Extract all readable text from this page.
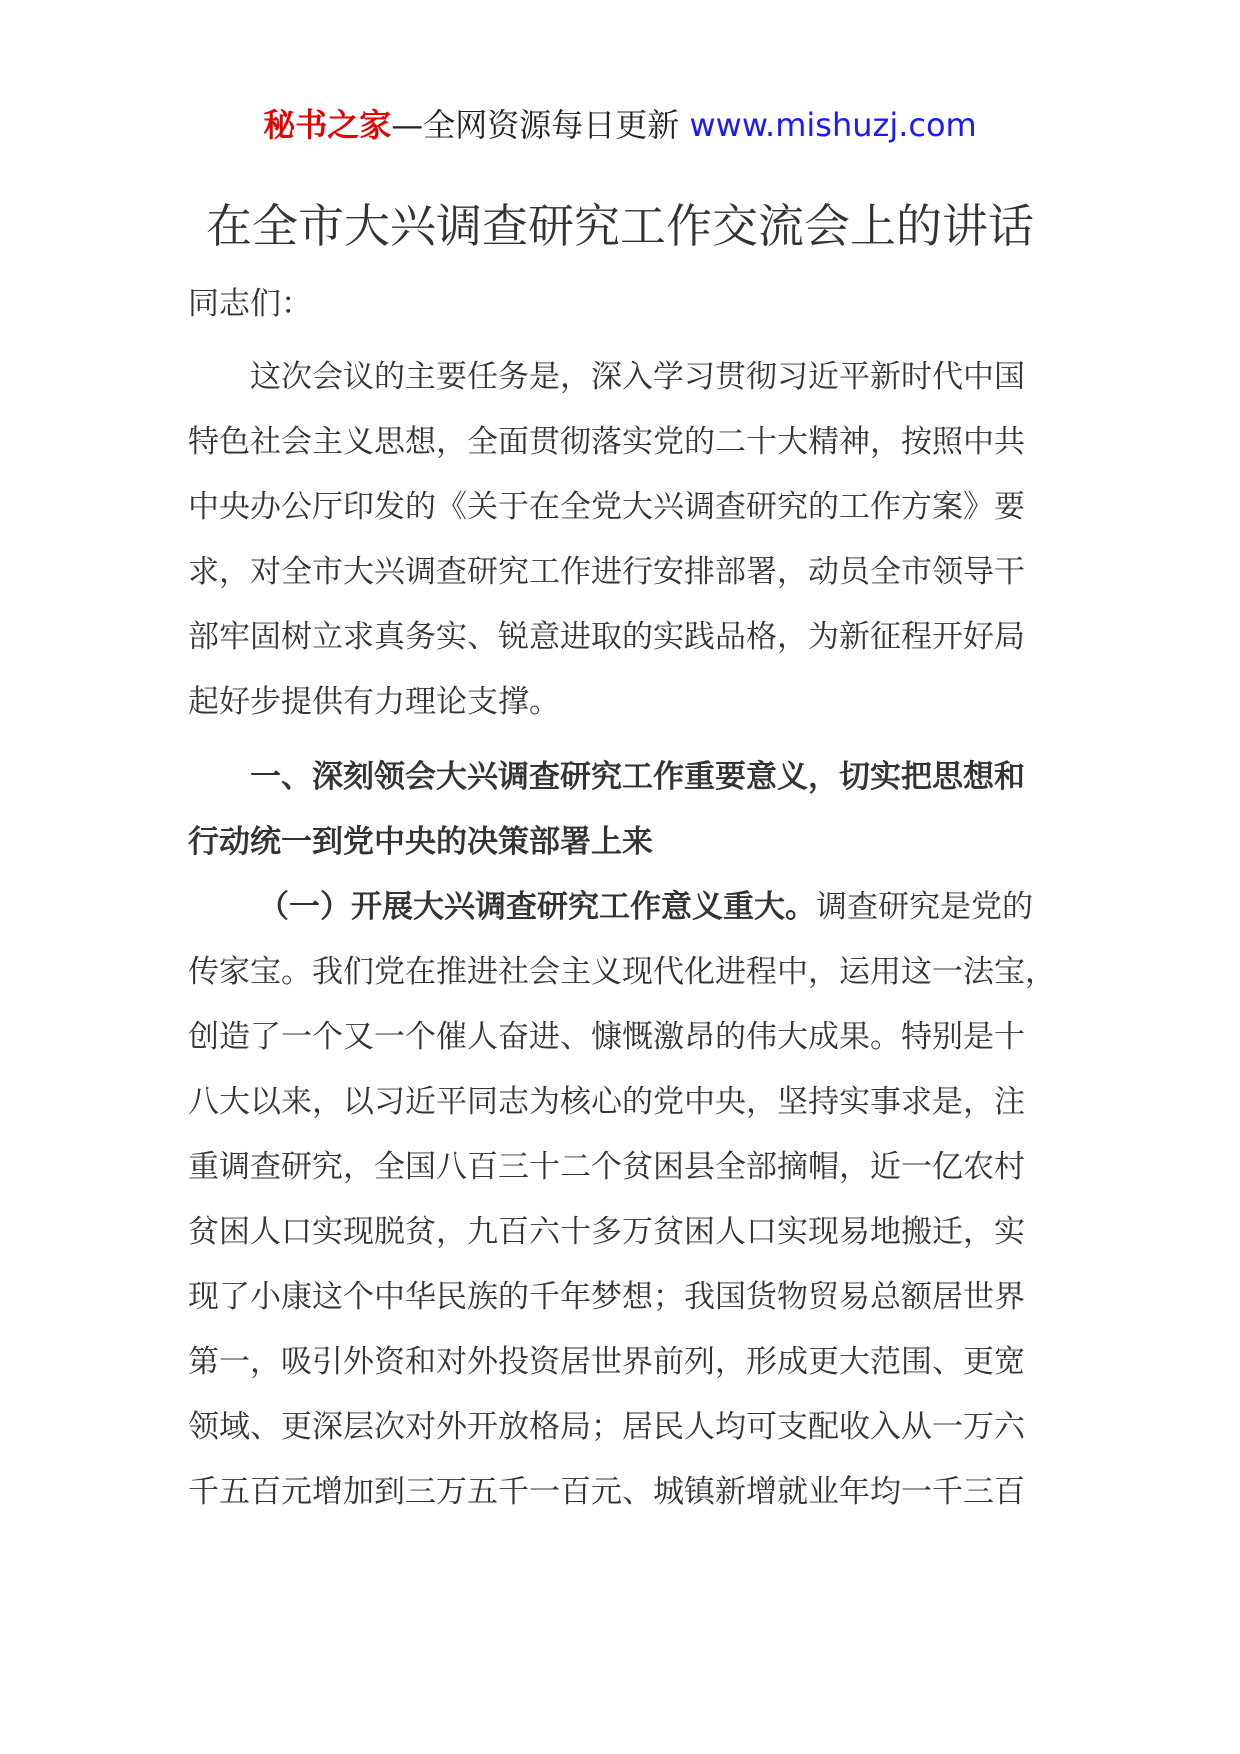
秘书之家—全网资源每日更新 www.mishuzj.com
在全市大兴调查研究工作交流会上的讲话

同志们：

这次会议的主要任务是，深入学习贯彻习近平新时代中国
特色社会主义思想，全面贯彻落实党的二十大精神，按照中共
中央办公厅印发的《关于在全党大兴调查研究的工作方案》要
求，对全市大兴调查研究工作进行安排部署，动员全市领导干
部牢固树立求真务实、锐意进取的实践品格，为新征程开好局
起好步提供有力理论支撑。
一、深刻领会大兴调查研究工作重要意义，切实把思想和
行动统一到党中央的决策部署上来
（一）开展大兴调查研究工作意义重大。调查研究是党的
传家宝。我们党在推进社会主义现代化进程中，运用这一法宝，
创造了一个又一个催人奋进、慷慨激昂的伟大成果。特别是十
八大以来，以习近平同志为核心的党中央，坚持实事求是，注
重调查研究，全国八百三十二个贫困县全部摘帽，近一亿农村
贫困人口实现脱贫，九百六十多万贫困人口实现易地搬迁，实
现了小康这个中华民族的千年梦想；我国货物贸易总额居世界
第一，吸引外资和对外投资居世界前列，形成更大范围、更宽
领域、更深层次对外开放格局；居民人均可支配收入从一万六
千五百元增加到三万五千一百元、城镇新增就业年均一千三百
